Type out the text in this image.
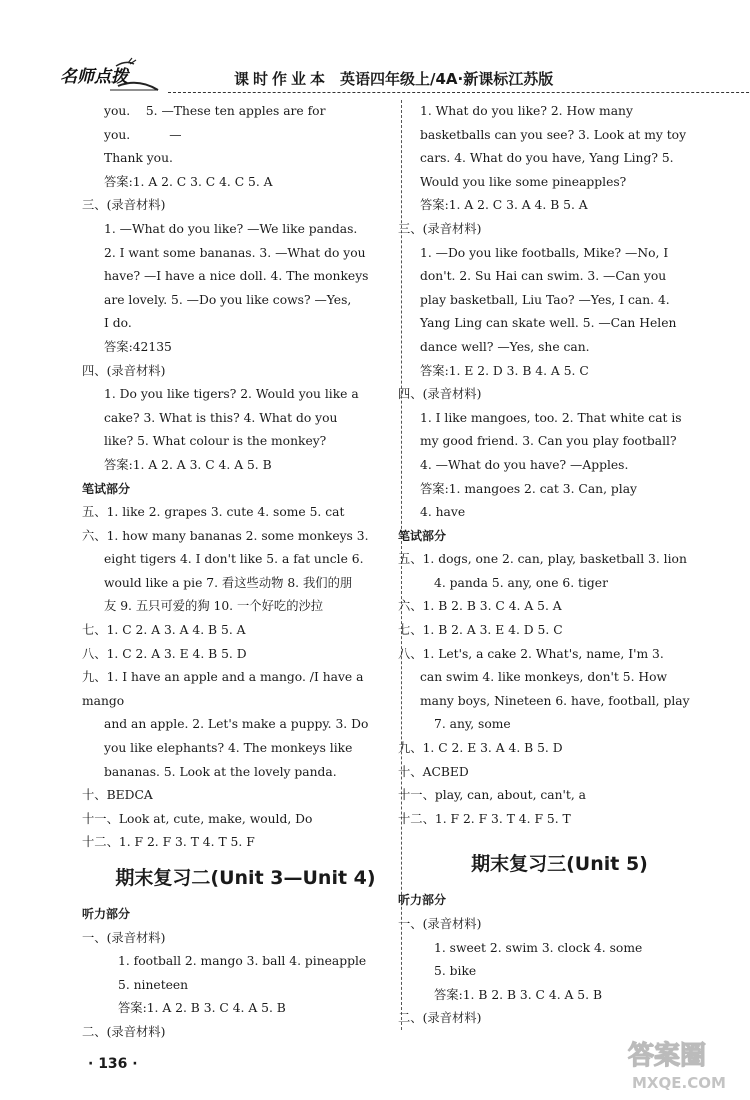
名师点拨	课时作业本 英语四年级上/4A·新课标江苏版

you. 5. —These ten apples are for you.	—

Thank you.

答案:1. A 2. C 3. C 4. C 5. A

三、(录音材料)

1. —What do you like? —We like pandas.

2. I want some bananas. 3. —What do you

have? —I have a nice doll. 4. The monkeys

are lovely. 5. —Do you like cows? —Yes,

I do.

答案:42135

四、(录音材料)

1. Do you like tigers? 2. Would you like a

cake? 3. What is this? 4. What do you

like? 5. What colour is the monkey?

答案:1. A 2. A 3. C 4. A 5. B

笔试部分

五、1. like 2. grapes 3. cute 4. some 5. cat

六、1. how many bananas 2. some monkeys 3.

eight tigers 4. I don't like 5. a fat uncle 6.

would like a pie 7. 看这些动物 8. 我们的朋

友 9. 五只可爱的狗 10. 一个好吃的沙拉

七、1. C 2. A 3. A 4. B 5. A

八、1. C 2. A 3. E 4. B 5. D

九、1. I have an apple and a mango. /I have a mango

and an apple. 2. Let's make a puppy. 3. Do

you like elephants? 4. The monkeys like

bananas. 5. Look at the lovely panda.

十、BEDCA

十一、Look at, cute, make, would, Do

十二、1. F 2. F 3. T 4. T 5. F

期末复习二(Unit 3—Unit 4)

听力部分

一、(录音材料)

1. football 2. mango 3. ball 4. pineapple

5. nineteen

答案:1. A 2. B 3. C 4. A 5. B

二、(录音材料)

1. What do you like? 2. How many

basketballs can you see? 3. Look at my toy

cars. 4. What do you have, Yang Ling? 5.

Would you like some pineapples?

答案:1. A 2. C 3. A 4. B 5. A

三、(录音材料)

1. —Do you like footballs, Mike? —No, I

don't. 2. Su Hai can swim. 3. —Can you

play basketball, Liu Tao? —Yes, I can. 4.

Yang Ling can skate well. 5. —Can Helen

dance well? —Yes, she can.

答案:1. E 2. D 3. B 4. A 5. C

四、(录音材料)

1. I like mangoes, too. 2. That white cat is

my good friend. 3. Can you play football?

4. —What do you have? —Apples.

答案:1. mangoes 2. cat 3. Can, play

4. have

笔试部分

五、1. dogs, one 2. can, play, basketball 3. lion

4. panda 5. any, one 6. tiger

六、1. B 2. B 3. C 4. A 5. A

七、1. B 2. A 3. E 4. D 5. C

八、1. Let's, a cake 2. What's, name, I'm 3.

can swim 4. like monkeys, don't 5. How

many boys, Nineteen 6. have, football, play

7. any, some

九、1. C 2. E 3. A 4. B 5. D

十、ACBED

十一、play, can, about, can't, a

十二、1. F 2. F 3. T 4. F 5. T

期末复习三(Unit 5)

听力部分

一、(录音材料)

1. sweet 2. swim 3. clock 4. some

5. bike

答案:1. B 2. B 3. C 4. A 5. B

二、(录音材料)

· 136 ·	答案圈
MXQE.COM
